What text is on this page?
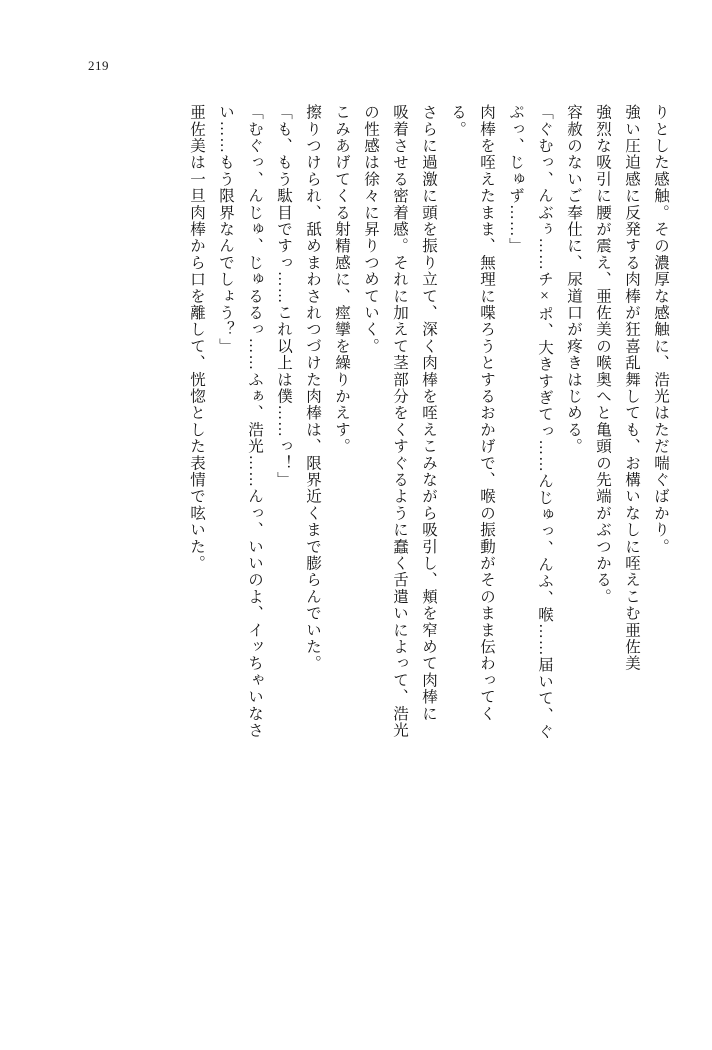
219
りとした感触。その濃厚な感触に、浩光はただ喘ぐばかり。
強い圧迫感に反発する肉棒が狂喜乱舞しても、お構いなしに咥えこむ亜佐美
強烈な吸引に腰が震え、亜佐美の喉奥へと亀頭の先端がぶつかる。
容赦のないご奉仕に、尿道口が疼きはじめる。
「ぐむっ、んぶぅ……チ×ポ、大きすぎてっ……んじゅっ、んふ、喉……届いて、ぐ
ぷっ、じゅず……」
肉棒を咥えたまま、無理に喋ろうとするおかげで、喉の振動がそのまま伝わってく
る。
さらに過激に頭を振り立て、深く肉棒を咥えこみながら吸引し、頬を窄めて肉棒に
吸着させる密着感。それに加えて茎部分をくすぐるように蠢く舌遣いによって、浩光
の性感は徐々に昇りつめていく。
こみあげてくる射精感に、痙攣を繰りかえす。
擦りつけられ、舐めまわされつづけた肉棒は、限界近くまで膨らんでいた。
「も、もう駄目ですっ……これ以上は僕……っ！」
「むぐっ、んじゅ、じゅるるっ……ふぁ、浩光……んっ、いいのよ、イッちゃいなさ
い……もう限界なんでしょう？」
亜佐美は一旦肉棒から口を離して、恍惚とした表情で呟いた。
